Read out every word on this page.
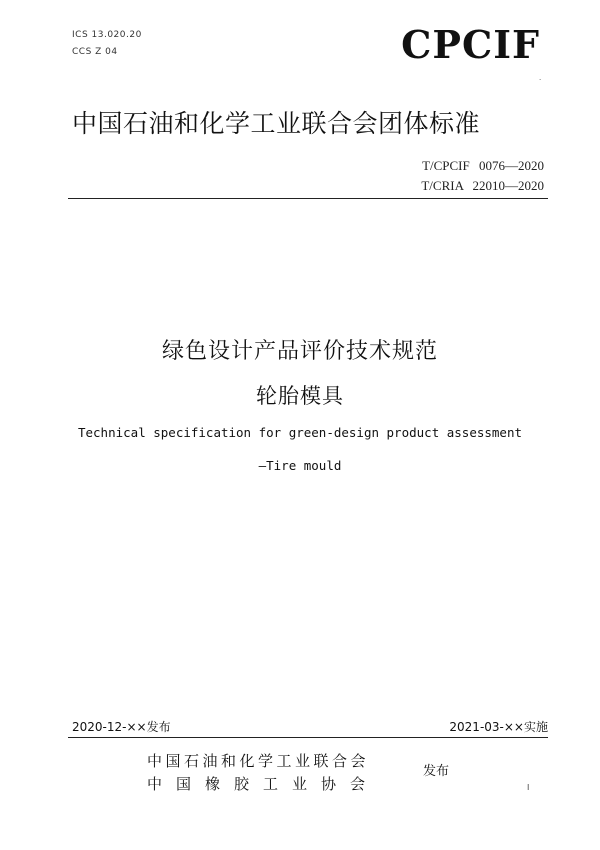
ICS 13.020.20
CCS Z 04	CPCIF
·
中国石油和化学工业联合会团体标准
T/CPCIF 0076—2020
T/CRIA 22010—2020
绿色设计产品评价技术规范
轮胎模具
Technical specification for green-design product assessment
—Tire mould
2020-12-××发布	2021-03-××实施
中国石油和化学工业联合会
中国橡胶工业协会
发布
I
